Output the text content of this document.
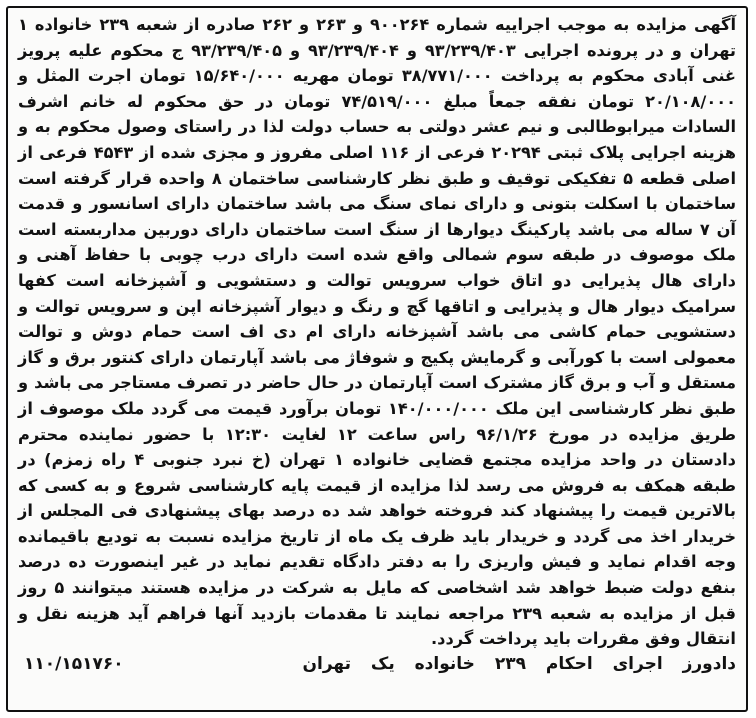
آگهی مزایده به موجب اجراییه شماره ۹۰۰۲۶۴ و ۲۶۳ و ۲۶۲ صادره از شعبه ۲۳۹ خانواده ۱ تهران و در پرونده اجرایی ۹۳/۲۳۹/۴۰۳ و ۹۳/۲۳۹/۴۰۴ و ۹۳/۲۳۹/۴۰۵ ج محکوم علیه پرویز غنی آبادی محکوم به پرداخت ۳۸/۷۷۱/۰۰۰ تومان مهریه ۱۵/۶۴۰/۰۰۰ تومان اجرت المثل و ۲۰/۱۰۸/۰۰۰ تومان نفقه جمعاً مبلغ ۷۴/۵۱۹/۰۰۰ تومان در حق محکوم له خانم اشرف السادات میرابوطالبی و نیم عشر دولتی به حساب دولت لذا در راستای وصول محکوم به و هزینه اجرایی پلاک ثبتی ۲۰۲۹۴ فرعی از ۱۱۶ اصلی مفروز و مجزی شده از ۴۵۴۳ فرعی از اصلی قطعه ۵ تفکیکی توقیف و طبق نظر کارشناسی ساختمان ۸ واحده قرار گرفته است ساختمان با اسکلت بتونی و دارای نمای سنگ می باشد ساختمان دارای اسانسور و قدمت آن ۷ ساله می باشد پارکینگ دیوارها از سنگ است ساختمان دارای دوربین مداربسته است ملک موصوف در طبقه سوم شمالی واقع شده است دارای درب چوبی با حفاظ آهنی و دارای هال پذیرایی دو اتاق خواب سرویس توالت و دستشویی و آشپزخانه است کفها سرامیک دیوار هال و پذیرایی و اتاقها گچ و رنگ و دیوار آشپزخانه اپن و سرویس توالت و دستشویی حمام کاشی می باشد آشپزخانه دارای ام دی اف است حمام دوش و توالت معمولی است با کورآبی و گرمایش پکیج و شوفاژ می باشد آپارتمان دارای کنتور برق و گاز مستقل و آب و برق گاز مشترک است آپارتمان در حال حاضر در تصرف مستاجر می باشد و طبق نظر کارشناسی این ملک ۱۴۰/۰۰۰/۰۰۰ تومان برآورد قیمت می گردد ملک موصوف از طریق مزایده در مورخ ۹۶/۱/۲۶ راس ساعت ۱۲ لغایت ۱۲:۳۰ با حضور نماینده محترم دادستان در واحد مزایده مجتمع قضایی خانواده ۱ تهران (خ نبرد جنوبی ۴ راه زمزم) در طبقه همکف به فروش می رسد لذا مزایده از قیمت پایه کارشناسی شروع و به کسی که بالاترین قیمت را پیشنهاد کند فروخته خواهد شد ده درصد بهای پیشنهادی فی المجلس از خریدار اخذ می گردد و خریدار باید ظرف یک ماه از تاریخ مزایده نسبت به تودیع باقیمانده وجه اقدام نماید و فیش واریزی را به دفتر دادگاه تقدیم نماید در غیر اینصورت ده درصد بنفع دولت ضبط خواهد شد اشخاصی که مایل به شرکت در مزایده هستند میتوانند ۵ روز قبل از مزایده به شعبه ۲۳۹ مراجعه نمایند تا مقدمات بازدید آنها فراهم آید هزینه نقل و انتقال وفق مقررات باید پرداخت گردد.

دادورز اجرای احکام ۲۳۹ خانواده یک تهران
۱۱۰/۱۵۱۷۶۰
